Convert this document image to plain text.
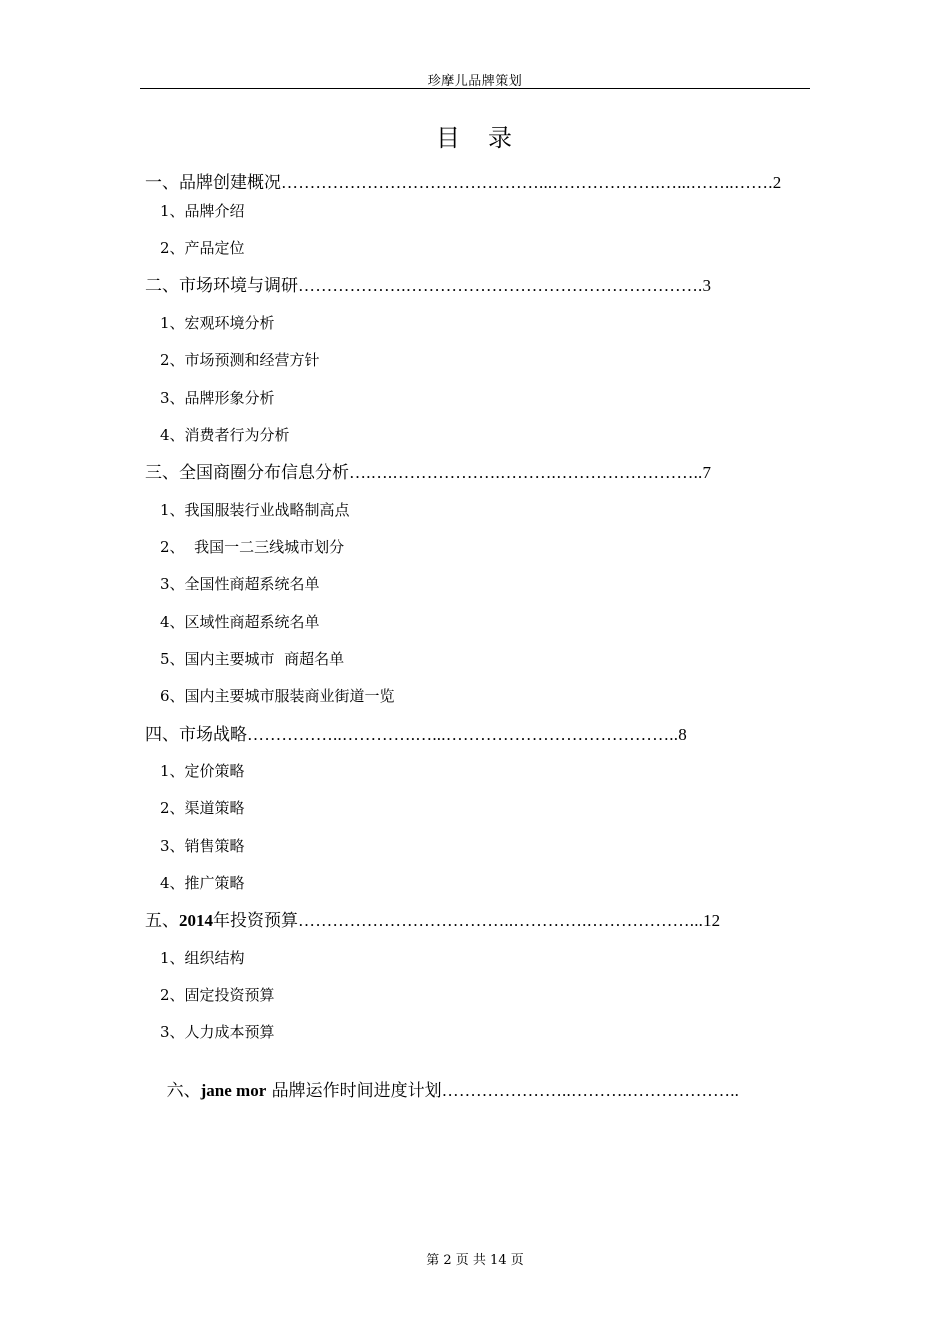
珍摩儿品牌策划
目 录
一、品牌创建概况………………………………………...……………….…...……..…….2
1、品牌介绍
2、产品定位
二、市场环境与调研……………….…………………………………………….3
1、宏观环境分析
2、市场预测和经营方针
3、品牌形象分析
4、消费者行为分析
三、全国商圈分布信息分析….….……………….……….……………………..7
1、我国服装行业战略制高点
2、  我国一二三线城市划分
3、全国性商超系统名单
4、区域性商超系统名单
5、国内主要城市  商超名单
6、国内主要城市服装商业街道一览
四、市场战略……………..………….…...…………………………………..8
1、定价策略
2、渠道策略
3、销售策略
4、推广策略
五、2014年投资预算………………………………..………….………………...12
1、组织结构
2、固定投资预算
3、人力成本预算

六、jane mor 品牌运作时间进度计划…………………..……….………………..

第 2 页 共 14 页
